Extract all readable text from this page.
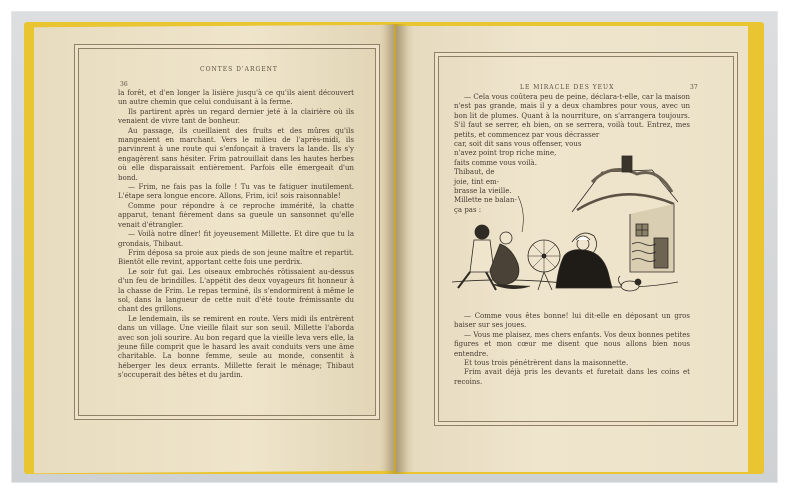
36
CONTES D'ARGENT

la forêt, et d'en longer la lisière jusqu'à ce qu'ils aient découvert un autre chemin que celui conduisant à la ferme.

Ils partirent après un regard dernier jeté à la clairière où ils venaient de vivre tant de bonheur.

Au passage, ils cueillaient des fruits et des mûres qu'ils mangeaient en marchant. Vers le milieu de l'après-midi, ils parvinrent à une route qui s'enfonçait à travers la lande. Ils s'y engagèrent sans hésiter. Frim patrouillait dans les hautes herbes où elle disparaissait entièrement. Parfois elle émergeait d'un bond.

— Frim, ne fais pas la folle ! Tu vas te fatiguer inutilement. L'étape sera longue encore. Allons, Frim, ici! sois raisonnable!

Comme pour répondre à ce reproche immérité, la chatte apparut, tenant fièrement dans sa gueule un sansonnet qu'elle venait d'étrangler.

— Voilà notre dîner! fit joyeusement Millette. Et dire que tu la grondais, Thibaut.

Frim déposa sa proie aux pieds de son jeune maître et repartit. Bientôt elle revint, apportant cette fois une perdrix.

Le soir fut gai. Les oiseaux embrochés rôtissaient au-dessus d'un feu de brindilles. L'appétit des deux voyageurs fit honneur à la chasse de Frim. Le repas terminé, ils s'endormirent à même le sol, dans la langueur de cette nuit d'été toute frémissante du chant des grillons.

Le lendemain, ils se remirent en route. Vers midi ils entrèrent dans un village. Une vieille filait sur son seuil. Millette l'aborda avec son joli sourire. Au bon regard que la vieille leva vers elle, la jeune fille comprit que le hasard les avait conduits vers une âme charitable. La bonne femme, seule au monde, consentit à héberger les deux errants. Millette ferait le ménage; Thibaut s'occuperait des bêtes et du jardin.

LE MIRACLE DES YEUX	37

— Cela vous coûtera peu de peine, déclara-t-elle, car la maison n'est pas grande, mais il y a deux chambres pour vous, avec un bon lit de plumes. Quant à la nourriture, on s'arrangera toujours. S'il faut se serrer, eh bien, on se serrera, voilà tout. Entrez, mes petits, et commencez par vous décrasser

car, soit dit sans vous offenser, vous
n'avez point trop riche mine,
faits comme vous voilà.
Thibaut, de
joie, tint em-
brasse la vieille.
Millette ne balan-
ça pas :

— Comme vous êtes bonne! lui dit-elle en déposant un gros baiser sur ses joues.

— Vous me plaisez, mes chers enfants. Vos deux bonnes petites figures et mon cœur me disent que nous allons bien nous entendre.

Et tous trois pénétrèrent dans la maisonnette.

Frim avait déjà pris les devants et furetait dans les coins et recoins.
